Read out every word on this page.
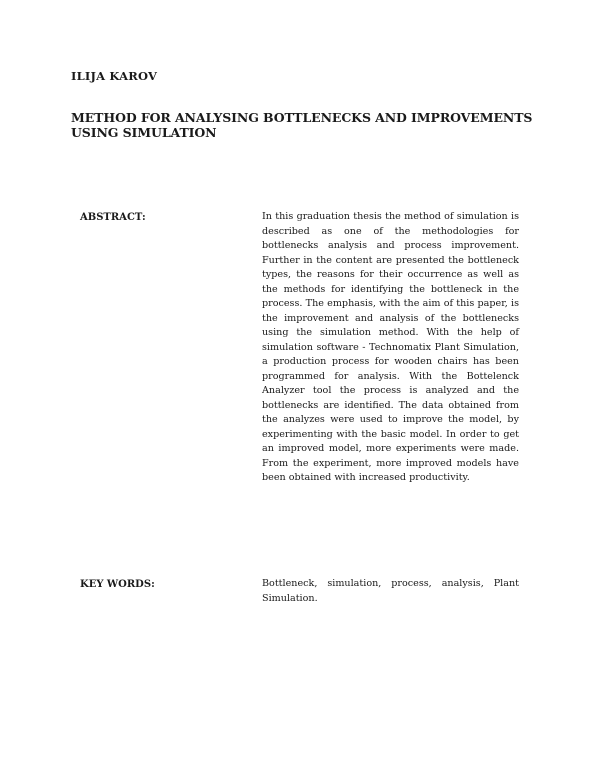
ILIJA KAROV
METHOD FOR ANALYSING BOTTLENECKS AND IMPROVEMENTS USING SIMULATION
ABSTRACT:	In this graduation thesis the method of simulation is described as one of the methodologies for bottlenecks analysis and process improvement. Further in the content are presented the bottleneck types, the reasons for their occurrence as well as the methods for identifying the bottleneck in the process. The emphasis, with the aim of this paper, is the improvement and analysis of the bottlenecks using the simulation method. With the help of simulation software - Technomatix Plant Simulation, a production process for wooden chairs has been programmed for analysis. With the Bottelenck Analyzer tool the process is analyzed and the bottlenecks are identified. The data obtained from the analyzes were used to improve the model, by experimenting with the basic model. In order to get an improved model, more experiments were made. From the experiment, more improved models have been obtained with increased productivity.
KEY WORDS:	Bottleneck, simulation, process, analysis, Plant Simulation.
